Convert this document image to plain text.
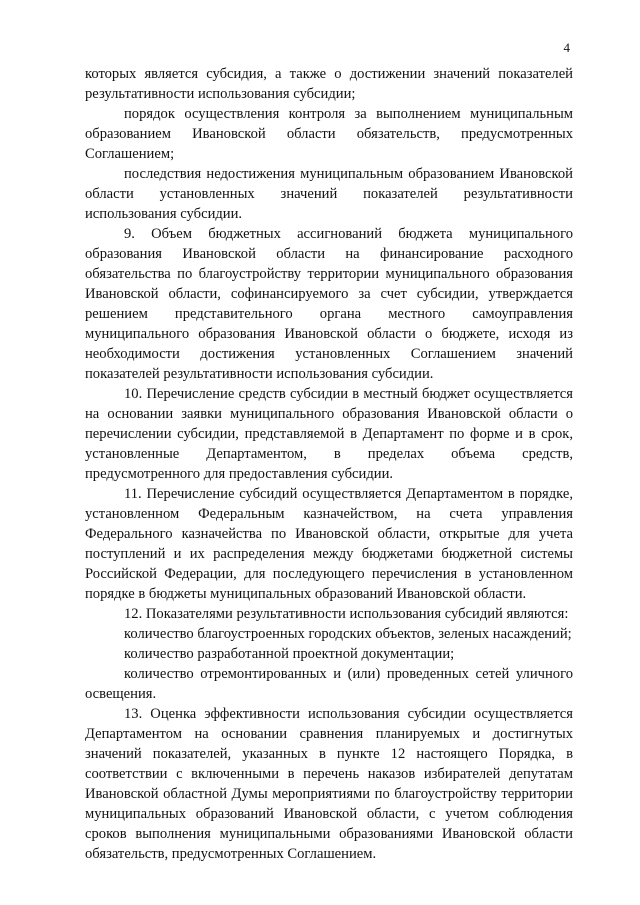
4

которых является субсидия, а также о достижении значений показателей результативности использования субсидии;

порядок осуществления контроля за выполнением муниципальным образованием Ивановской области обязательств, предусмотренных Соглашением;

последствия недостижения муниципальным образованием Ивановской области установленных значений показателей результативности использования субсидии.

9. Объем бюджетных ассигнований бюджета муниципального образования Ивановской области на финансирование расходного обязательства по благоустройству территории муниципального образования Ивановской области, софинансируемого за счет субсидии, утверждается решением представительного органа местного самоуправления муниципального образования Ивановской области о бюджете, исходя из необходимости достижения установленных Соглашением значений показателей результативности использования субсидии.

10. Перечисление средств субсидии в местный бюджет осуществляется на основании заявки муниципального образования Ивановской области о перечислении субсидии, представляемой в Департамент по форме и в срок, установленные Департаментом, в пределах объема средств, предусмотренного для предоставления субсидии.

11. Перечисление субсидий осуществляется Департаментом в порядке, установленном Федеральным казначейством, на счета управления Федерального казначейства по Ивановской области, открытые для учета поступлений и их распределения между бюджетами бюджетной системы Российской Федерации, для последующего перечисления в установленном порядке в бюджеты муниципальных образований Ивановской области.

12. Показателями результативности использования субсидий являются:

количество благоустроенных городских объектов, зеленых насаждений;

количество разработанной проектной документации;

количество отремонтированных и (или) проведенных сетей уличного освещения.

13. Оценка эффективности использования субсидии осуществляется Департаментом на основании сравнения планируемых и достигнутых значений показателей, указанных в пункте 12 настоящего Порядка, в соответствии с включенными в перечень наказов избирателей депутатам Ивановской областной Думы мероприятиями по благоустройству территории муниципальных образований Ивановской области, с учетом соблюдения сроков выполнения муниципальными образованиями Ивановской области обязательств, предусмотренных Соглашением.
